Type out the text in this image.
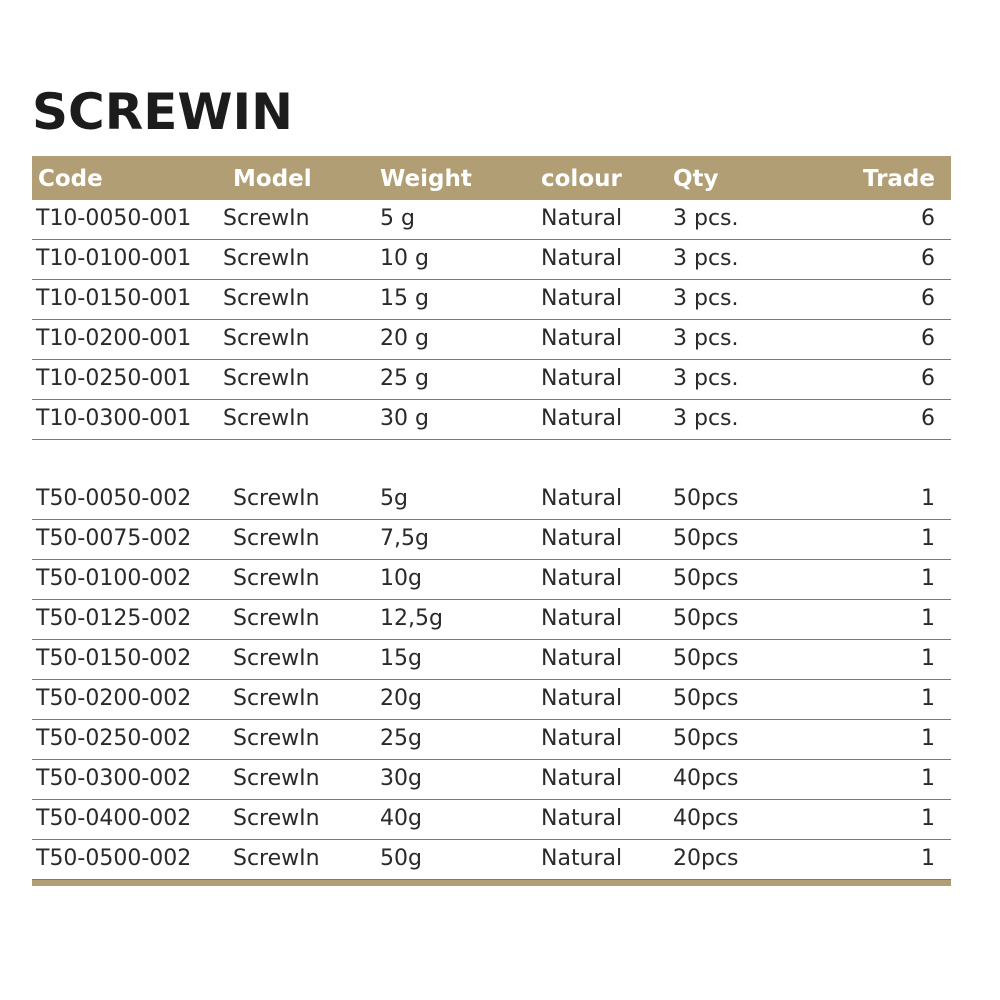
SCREWIN
Code	Model	Weight	colour Qty	Trade
T10-0050-001 ScrewIn	5 g	Natural 3 pcs.	6
T10-0100-001 ScrewIn	10 g	Natural 3 pcs.	6
T10-0150-001 ScrewIn	15 g	Natural 3 pcs.	6
T10-0200-001 ScrewIn	20 g	Natural 3 pcs.	6
T10-0250-001 ScrewIn	25 g	Natural 3 pcs.	6
T10-0300-001 ScrewIn	30 g	Natural 3 pcs.	6
T50-0050-002 ScrewIn	5g	Natural 50pcs	1
T50-0075-002 ScrewIn	7,5g	Natural 50pcs	1
T50-0100-002 ScrewIn	10g	Natural 50pcs	1
T50-0125-002 ScrewIn	12,5g	Natural 50pcs	1
T50-0150-002 ScrewIn	15g	Natural 50pcs	1
T50-0200-002 ScrewIn	20g	Natural 50pcs	1
T50-0250-002 ScrewIn	25g	Natural 50pcs	1
T50-0300-002 ScrewIn	30g	Natural 40pcs	1
T50-0400-002 ScrewIn	40g	Natural 40pcs	1
T50-0500-002 ScrewIn	50g	Natural 20pcs	1
